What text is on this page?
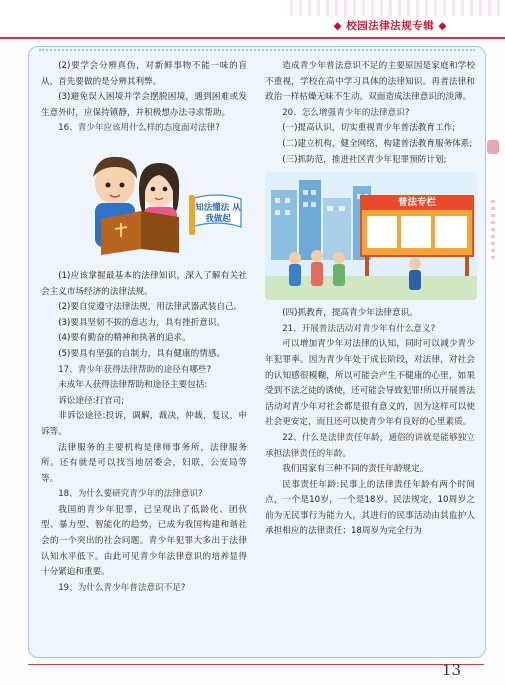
◆ 校园法律法规专辑 ◆

(2)要学会分辨真伪，对新鲜事物不能一味的盲从，首先要做的是分辨其利弊。

(3)避免误入困境并学会摆脱困境，遇到困难或发生意外时，应保持镇静，并积极想办法寻求帮助。

16、青少年应该用什么样的态度面对法律?

知法懂法 从我做起

(1)应该掌握最基本的法律知识，深入了解有关社会主义市场经济的法律法规。

(2)要自觉遵守法律法规，用法律武器武装自己。

(3)要具坚韧不拔的意志力，具有挫折意识。

(4)要有勤奋的精神和执著的追求。

(5)要具有坚强的自制力，具有健康的情感。

17、青少年获得法律帮助的途径有哪些?

未成年人获得法律帮助和途径主要包括:

诉讼途径:打官司;

非诉讼途径:投诉，调解，裁决，仲裁，复议，申诉等。

法律服务的主要机构是律师事务所，法律服务所。还有就是可以找当地居委会，妇联，公安局等等。

18、为什么要研究青少年的法律意识?

我国的青少年犯罪，已呈现出了低龄化、团伙型、暴力型、智能化的趋势，已成为我国构建和谐社会的一个突出的社会问题。青少年犯罪大多出于法律认知水平低下。由此可见青少年法律意识的培养显得十分紧迫和重要。

19、为什么青少年普法意识不足?

造成青少年普法意识不足的主要原因是家庭和学校不重视，学校在高中学习具体的法律知识。再者法律和政治一样枯燥无味不生动。双面造成法律意识的淡薄。

20、怎么增强青少年的法律意识?

(一)提高认识，切实重视青少年普法教育工作;

(二)建立机构，健全网络，构建普法教育服务体系;

(三)抓防范，推进社区青少年犯罪预防计划;

普法专栏

(四)抓教育，提高青少年法律意识。

21、开展普法活动对青少年有什么意义?

可以增加青少年对法律的认知，同时可以减少青少年犯罪率。因为青少年处于成长阶段，对法律，对社会的认知感很模糊，所以可能会产生不健康的心里，如果受到不法之徒的诱使，还可能会导致犯罪!所以开展普法活动对青少年对社会都是很有意义的，因为这样可以使社会更安定，而且还可以使青少年有良好的心里素质。

22、什么是法律责任年龄，通俗的讲就是能够独立承担法律责任的年龄。

我们国家有三种不同的责任年龄规定。

民事责任年龄:民事上的法律责任年龄有两个时间点，一个是10岁，一个是18岁。民法规定，10周岁之前为无民事行为能力人，其进行的民事活动由其监护人承担相应的法律责任；18周岁为完全行为

13
